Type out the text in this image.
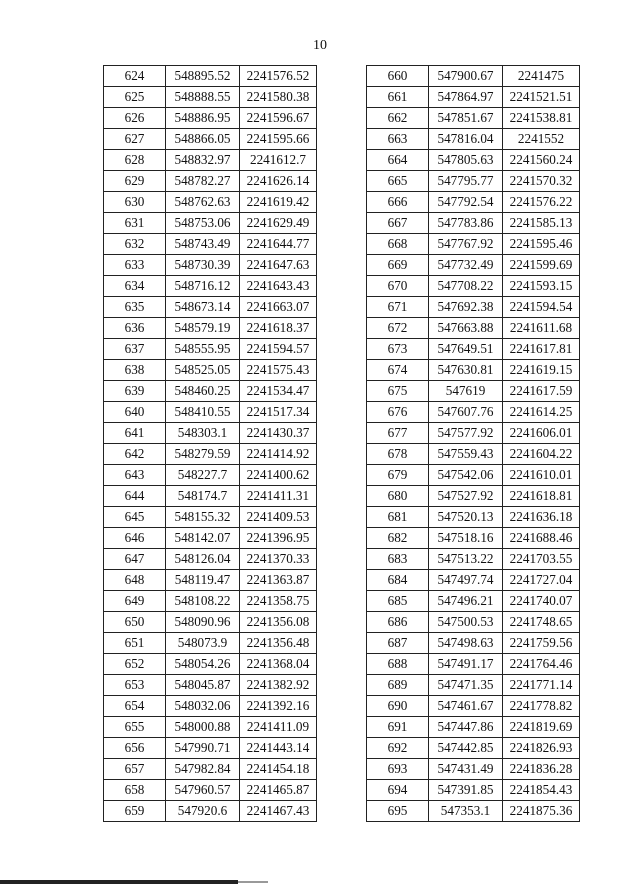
10
624	548895.52	2241576.52
625	548888.55	2241580.38
626	548886.95	2241596.67
627	548866.05	2241595.66
628	548832.97	2241612.7
629	548782.27	2241626.14
630	548762.63	2241619.42
631	548753.06	2241629.49
632	548743.49	2241644.77
633	548730.39	2241647.63
634	548716.12	2241643.43
635	548673.14	2241663.07
636	548579.19	2241618.37
637	548555.95	2241594.57
638	548525.05	2241575.43
639	548460.25	2241534.47
640	548410.55	2241517.34
641	548303.1	2241430.37
642	548279.59	2241414.92
643	548227.7	2241400.62
644	548174.7	2241411.31
645	548155.32	2241409.53
646	548142.07	2241396.95
647	548126.04	2241370.33
648	548119.47	2241363.87
649	548108.22	2241358.75
650	548090.96	2241356.08
651	548073.9	2241356.48
652	548054.26	2241368.04
653	548045.87	2241382.92
654	548032.06	2241392.16
655	548000.88	2241411.09
656	547990.71	2241443.14
657	547982.84	2241454.18
658	547960.57	2241465.87
659	547920.6	2241467.43
660	547900.67	2241475
661	547864.97	2241521.51
662	547851.67	2241538.81
663	547816.04	2241552
664	547805.63	2241560.24
665	547795.77	2241570.32
666	547792.54	2241576.22
667	547783.86	2241585.13
668	547767.92	2241595.46
669	547732.49	2241599.69
670	547708.22	2241593.15
671	547692.38	2241594.54
672	547663.88	2241611.68
673	547649.51	2241617.81
674	547630.81	2241619.15
675	547619	2241617.59
676	547607.76	2241614.25
677	547577.92	2241606.01
678	547559.43	2241604.22
679	547542.06	2241610.01
680	547527.92	2241618.81
681	547520.13	2241636.18
682	547518.16	2241688.46
683	547513.22	2241703.55
684	547497.74	2241727.04
685	547496.21	2241740.07
686	547500.53	2241748.65
687	547498.63	2241759.56
688	547491.17	2241764.46
689	547471.35	2241771.14
690	547461.67	2241778.82
691	547447.86	2241819.69
692	547442.85	2241826.93
693	547431.49	2241836.28
694	547391.85	2241854.43
695	547353.1	2241875.36
